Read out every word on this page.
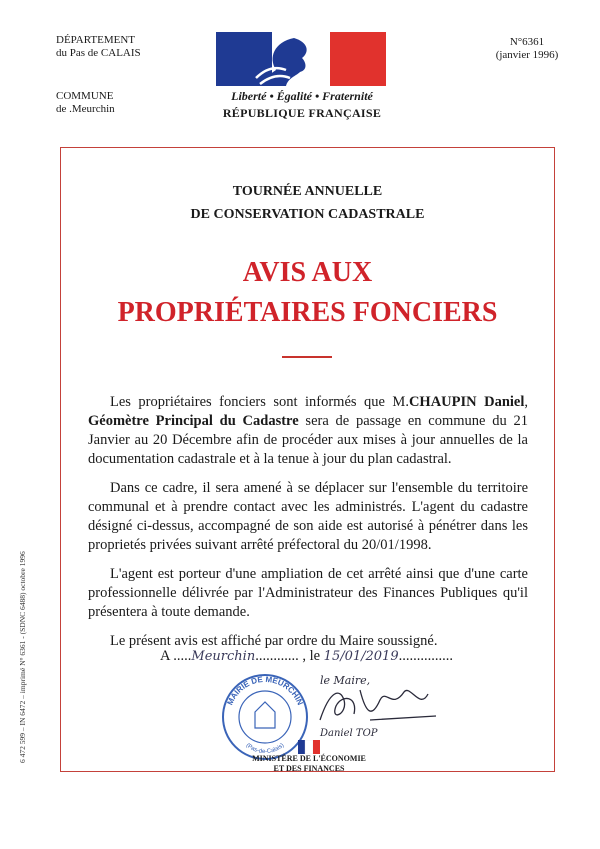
DÉPARTEMENT
du Pas de CALAIS
COMMUNE
de .Meurchin
N°6361
(janvier 1996)
Liberté • Égalité • Fraternité
RÉPUBLIQUE FRANÇAISE
TOURNÉE ANNUELLE
DE CONSERVATION CADASTRALE
AVIS AUX
PROPRIÉTAIRES FONCIERS

Les propriétaires fonciers sont informés que M.CHAUPIN Daniel, Géomètre Principal du Cadastre sera de passage en commune du 21 Janvier au 20 Décembre afin de procéder aux mises à jour annuelles de la documentation cadastrale et à la tenue à jour du plan cadastral.

Dans ce cadre, il sera amené à se déplacer sur l'ensemble du territoire communal et à prendre contact avec les administrés. L'agent du cadastre désigné ci-dessus, accompagné de son aide est autorisé à pénétrer dans les proprietés privées suivant arrêté préfectoral du 20/01/1998.

L'agent est porteur d'une ampliation de cet arrêté ainsi que d'une carte professionnelle délivrée par l'Administrateur des Finances Publiques qu'il présentera à toute demande.

Le présent avis est affiché par ordre du Maire soussigné.

A .....Meurchin............ , le 15/01/2019...............
MAIRIE DE MEURCHIN
(Pas-de-Calais)
le Maire,
Daniel TOP
MINISTÈRE DE L'ÉCONOMIE
ET DES FINANCES
6 472 599 – IN 6472 – imprimé N° 6361 - (SDNC 6488) octobre 1996
